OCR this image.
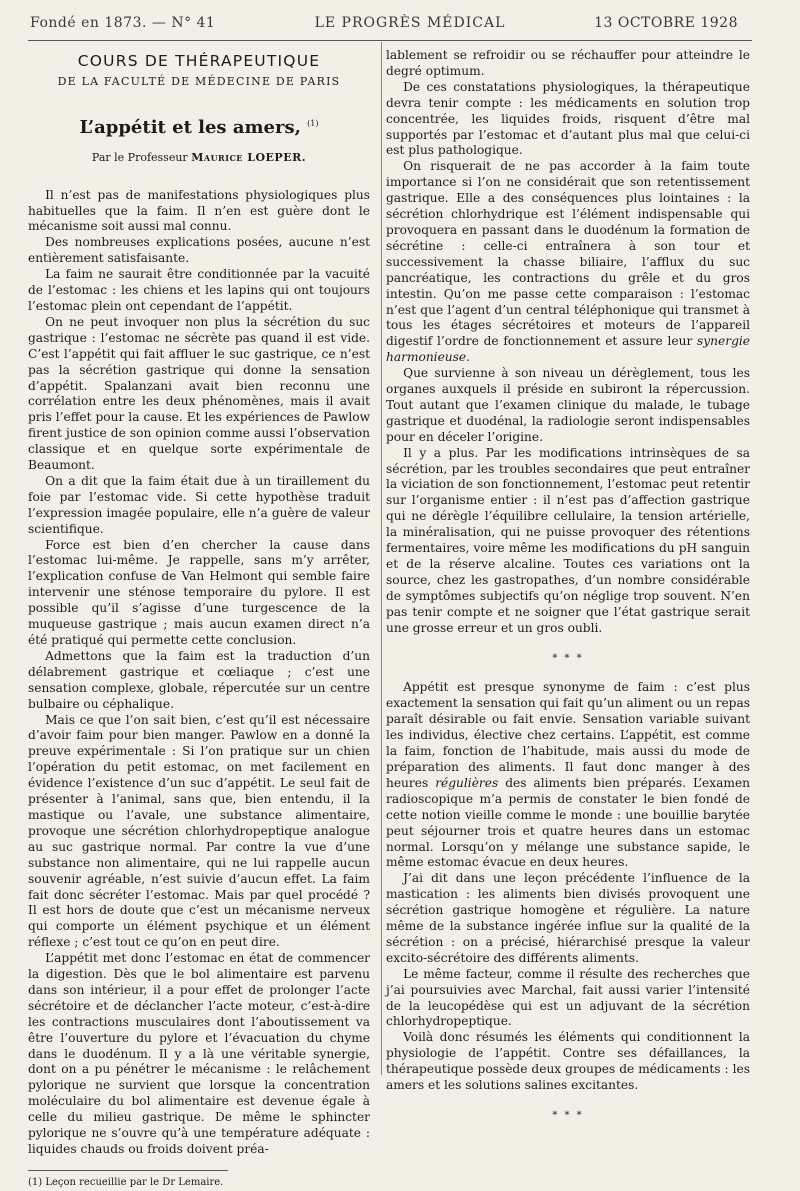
Fondé en 1873. — N° 41	LE PROGRÈS MÉDICAL	13 OCTOBRE 1928
COURS DE THÉRAPEUTIQUE
DE LA FACULTÉ DE MÉDECINE DE PARIS
L’appétit et les amers, $^{(1)}$
Par le Professeur Maurice LOEPER.

Il n’est pas de manifestations physiologiques plus habituelles que la faim. Il n’en est guère dont le mécanisme soit aussi mal connu.

Des nombreuses explications posées, aucune n’est entièrement satisfaisante.

La faim ne saurait être conditionnée par la vacuité de l’estomac : les chiens et les lapins qui ont toujours l’estomac plein ont cependant de l’appétit.

On ne peut invoquer non plus la sécrétion du suc gastrique : l’estomac ne sécrète pas quand il est vide. C’est l’appétit qui fait affluer le suc gastrique, ce n’est pas la sécrétion gastrique qui donne la sensation d’appétit. Spalanzani avait bien reconnu une corrélation entre les deux phénomènes, mais il avait pris l’effet pour la cause. Et les expériences de Pawlow firent justice de son opinion comme aussi l’observation classique et en quelque sorte expérimentale de Beaumont.

On a dit que la faim était due à un tiraillement du foie par l’estomac vide. Si cette hypothèse traduit l’expression imagée populaire, elle n’a guère de valeur scientifique.

Force est bien d’en chercher la cause dans l’estomac lui-même. Je rappelle, sans m’y arrêter, l’explication confuse de Van Helmont qui semble faire intervenir une sténose temporaire du pylore. Il est possible qu’il s’agisse d’une turgescence de la muqueuse gastrique ; mais aucun examen direct n’a été pratiqué qui permette cette conclusion.

Admettons que la faim est la traduction d’un délabrement gastrique et cœliaque ; c’est une sensation complexe, globale, répercutée sur un centre bulbaire ou céphalique.

Mais ce que l’on sait bien, c’est qu’il est nécessaire d’avoir faim pour bien manger. Pawlow en a donné la preuve expérimentale : Si l’on pratique sur un chien l’opération du petit estomac, on met facilement en évidence l’existence d’un suc d’appétit. Le seul fait de présenter à l’animal, sans que, bien entendu, il la mastique ou l’avale, une substance alimentaire, provoque une sécrétion chlorhydropeptique analogue au suc gastrique normal. Par contre la vue d’une substance non alimentaire, qui ne lui rappelle aucun souvenir agréable, n’est suivie d’aucun effet. La faim fait donc sécréter l’estomac. Mais par quel procédé ? Il est hors de doute que c’est un mécanisme nerveux qui comporte un élément psychique et un élément réflexe ; c’est tout ce qu’on en peut dire.

L’appétit met donc l’estomac en état de commencer la digestion. Dès que le bol alimentaire est parvenu dans son intérieur, il a pour effet de prolonger l’acte sécrétoire et de déclancher l’acte moteur, c’est-à-dire les contractions musculaires dont l’aboutissement va être l’ouverture du pylore et l’évacuation du chyme dans le duodénum. Il y a là une véritable synergie, dont on a pu pénétrer le mécanisme : le relâchement pylorique ne survient que lorsque la concentration moléculaire du bol alimentaire est devenue égale à celle du milieu gastrique. De même le sphincter pylorique ne s’ouvre qu’à une température adéquate : liquides chauds ou froids doivent préa-

(1) Leçon recueillie par le Dr Lemaire.

lablement se refroidir ou se réchauffer pour atteindre le degré optimum.

De ces constatations physiologiques, la thérapeutique devra tenir compte : les médicaments en solution trop concentrée, les liquides froids, risquent d’être mal supportés par l’estomac et d’autant plus mal que celui-ci est plus pathologique.

On risquerait de ne pas accorder à la faim toute importance si l’on ne considérait que son retentissement gastrique. Elle a des conséquences plus lointaines : la sécrétion chlorhydrique est l’élément indispensable qui provoquera en passant dans le duodénum la formation de sécrétine : celle-ci entraînera à son tour et successivement la chasse biliaire, l’afflux du suc pancréatique, les contractions du grêle et du gros intestin. Qu’on me passe cette comparaison : l’estomac n’est que l’agent d’un central téléphonique qui transmet à tous les étages sécrétoires et moteurs de l’appareil digestif l’ordre de fonctionnement et assure leur synergie harmonieuse.

Que survienne à son niveau un dérèglement, tous les organes auxquels il préside en subiront la répercussion. Tout autant que l’examen clinique du malade, le tubage gastrique et duodénal, la radiologie seront indispensables pour en déceler l’origine.

Il y a plus. Par les modifications intrinsèques de sa sécrétion, par les troubles secondaires que peut entraîner la viciation de son fonctionnement, l’estomac peut retentir sur l’organisme entier : il n’est pas d’affection gastrique qui ne dérègle l’équilibre cellulaire, la tension artérielle, la minéralisation, qui ne puisse provoquer des rétentions fermentaires, voire même les modifications du pH sanguin et de la réserve alcaline. Toutes ces variations ont la source, chez les gastropathes, d’un nombre considérable de symptômes subjectifs qu’on néglige trop souvent. N’en pas tenir compte et ne soigner que l’état gastrique serait une grosse erreur et un gros oubli.

* * *

Appétit est presque synonyme de faim : c’est plus exactement la sensation qui fait qu’un aliment ou un repas paraît désirable ou fait envie. Sensation variable suivant les individus, élective chez certains. L’appétit, est comme la faim, fonction de l’habitude, mais aussi du mode de préparation des aliments. Il faut donc manger à des heures régulières des aliments bien préparés. L’examen radioscopique m’a permis de constater le bien fondé de cette notion vieille comme le monde : une bouillie barytée peut séjourner trois et quatre heures dans un estomac normal. Lorsqu’on y mélange une substance sapide, le même estomac évacue en deux heures.

J’ai dit dans une leçon précédente l’influence de la mastication : les aliments bien divisés provoquent une sécrétion gastrique homogène et régulière. La nature même de la substance ingérée influe sur la qualité de la sécrétion : on a précisé, hiérarchisé presque la valeur excito-sécrétoire des différents aliments.

Le même facteur, comme il résulte des recherches que j’ai poursuivies avec Marchal, fait aussi varier l’intensité de la leucopédèse qui est un adjuvant de la sécrétion chlorhydropeptique.

Voilà donc résumés les éléments qui conditionnent la physiologie de l’appétit. Contre ses défaillances, la thérapeutique possède deux groupes de médicaments : les amers et les solutions salines excitantes.

* * *
